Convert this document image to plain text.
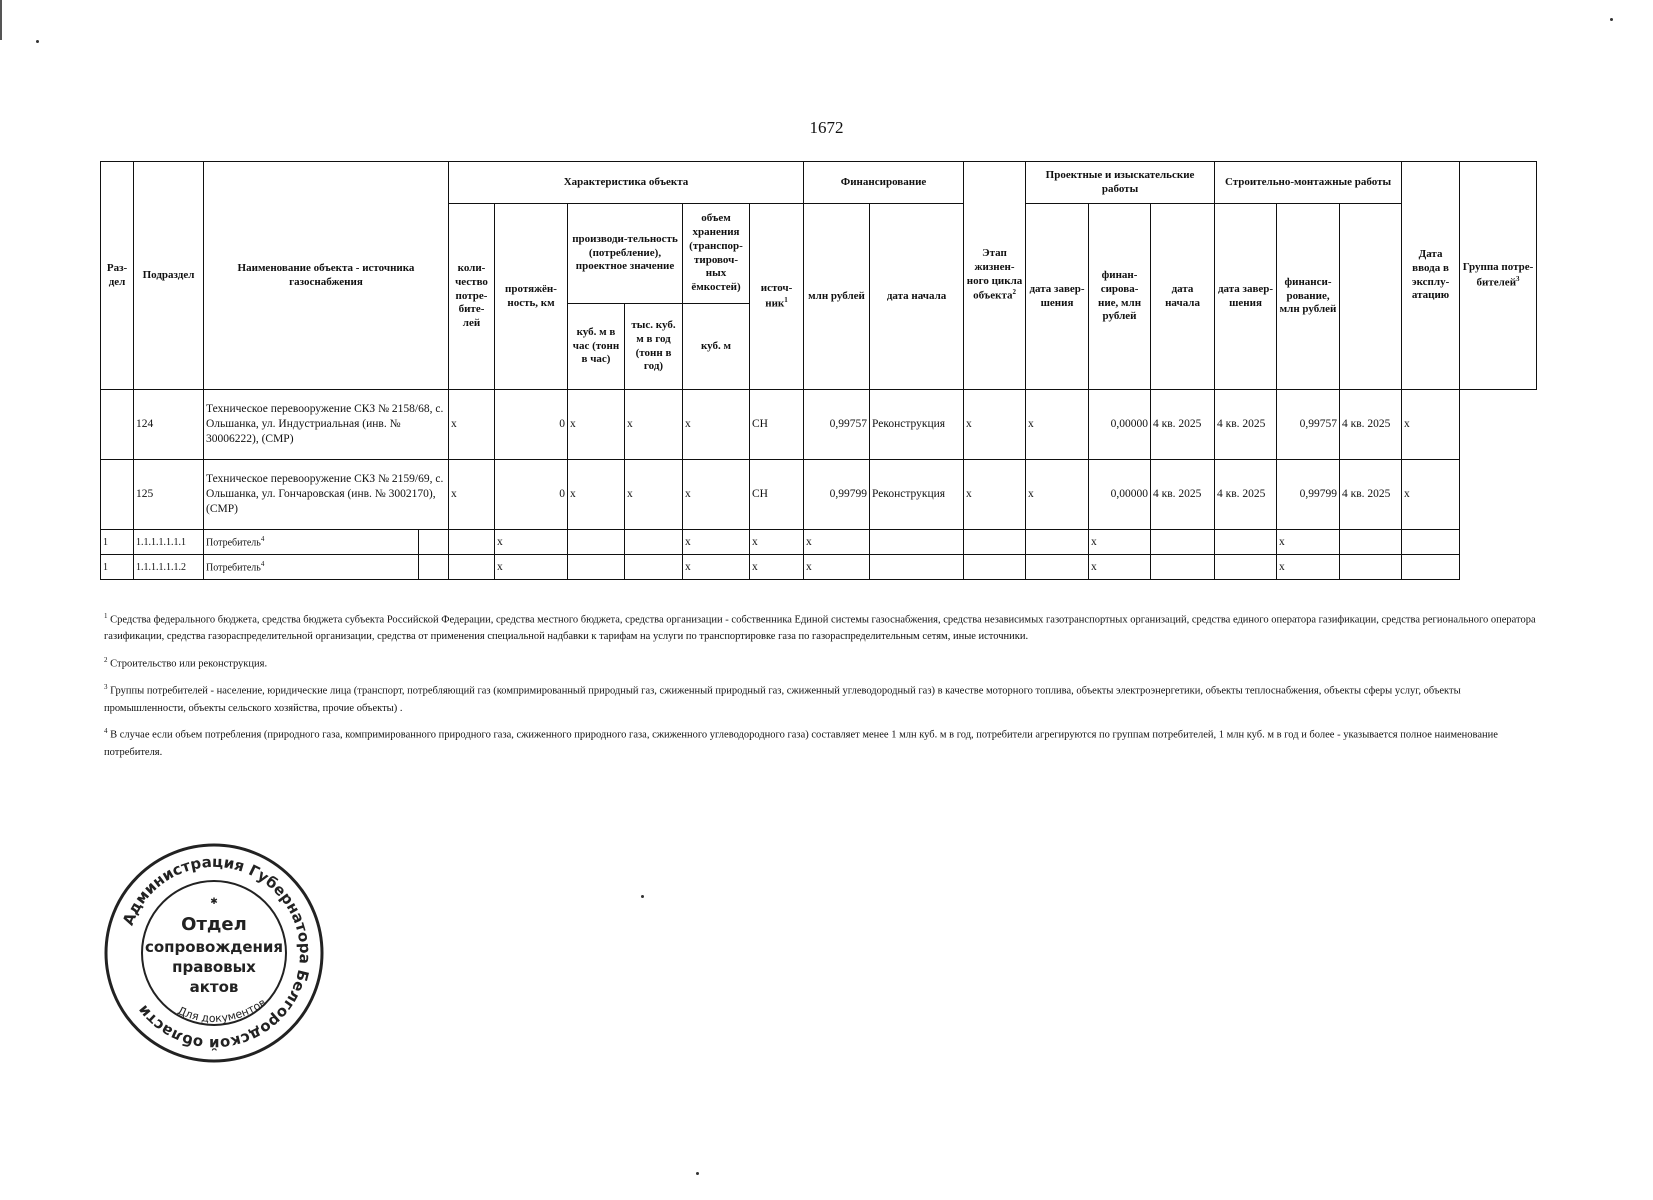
1672
Раз-дел	Подраздел	Наименование объекта - источника газоснабжения		Характеристика объекта						Финансирование		Этап жизнен-ного цикла объекта$^2$	Проектные и изыскательские работы			Строительно-монтажные работы			Дата ввода в эксплу-атацию	Группа потре-бителей$^3$
				коли-чество потре-бите-лей	протяжён-ность, км	производи-тельность (потребление), проектное значение		объем хранения (транспор-тировоч-ных ёмкостей)	источ-ник$^1$	млн рублей	дата начала		дата завер-шения	финан-сирова-ние, млн рублей	дата начала	дата завер-шения	финанси-рование, млн рублей			
						куб. м в час (тонн в час)	тыс. куб. м в год (тонн в год)	куб. м												
	124	Техническое перевооружение СКЗ № 2158/68, с. Ольшанка, ул. Индустриальная (инв. № 30006222), (СМР)		x	0	x	x	x	СН	0,99757	Реконструкция	x	x	0,00000	4 кв. 2025	4 кв. 2025	0,99757	4 кв. 2025	x	
	125	Техническое перевооружение СКЗ № 2159/69, с. Ольшанка, ул. Гончаровская (инв. № 3002170), (СМР)		x	0	x	x	x	СН	0,99799	Реконструкция	x	x	0,00000	4 кв. 2025	4 кв. 2025	0,99799	4 кв. 2025	x	
1	1.1.1.1.1.1.1	Потребитель$^4$			x			x	x	x				x			x			
1	1.1.1.1.1.1.2	Потребитель$^4$			x			x	x	x				x			x			

$^1$ Средства федерального бюджета, средства бюджета субъекта Российской Федерации, средства местного бюджета, средства организации - собственника Единой системы газоснабжения, средства независимых газотранспортных организаций, средства единого оператора газификации, средства регионального оператора газификации, средства газораспределительной организации, средства от применения специальной надбавки к тарифам на услуги по транспортировке газа по газораспределительным сетям, иные источники.

$^2$ Строительство или реконструкция.

$^3$ Группы потребителей - население, юридические лица (транспорт, потребляющий газ (компримированный природный газ, сжиженный природный газ, сжиженный углеводородный газ) в качестве моторного топлива, объекты электроэнергетики, объекты теплоснабжения, объекты сферы услуг, объекты промышленности, объекты сельского хозяйства, прочие объекты) .

$^4$ В случае если объем потребления (природного газа, компримированного природного газа, сжиженного природного газа, сжиженного углеводородного газа) составляет менее 1 млн куб. м в год, потребители агрегируются по группам потребителей, 1 млн куб. м в год и более - указывается полное наименование потребителя.

Администрация Губернатора Белгородской области
✱
Для документов
Отдел
сопровождения
правовых
актов
